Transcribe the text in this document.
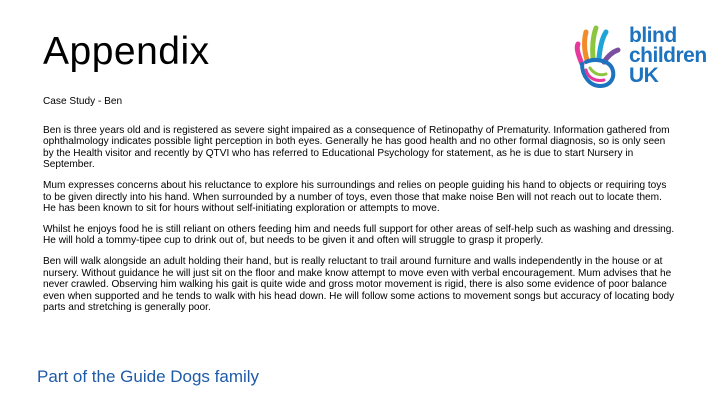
Appendix	blind
children
UK

Case Study - Ben

Ben is three years old and is registered as severe sight impaired as a consequence of Retinopathy of Prematurity. Information gathered from ophthalmology indicates possible light perception in both eyes. Generally he has good health and no other formal diagnosis, so is only seen by the Health visitor and recently by QTVI who has referred to Educational Psychology for statement, as he is due to start Nursery in September.

Mum expresses concerns about his reluctance to explore his surroundings and relies on people guiding his hand to objects or requiring toys to be given directly into his hand. When surrounded by a number of toys, even those that make noise Ben will not reach out to locate them. He has been known to sit for hours without self-initiating exploration or attempts to move.

Whilst he enjoys food he is still reliant on others feeding him and needs full support for other areas of self-help such as washing and dressing. He will hold a tommy-tipee cup to drink out of, but needs to be given it and often will struggle to grasp it properly.

Ben will walk alongside an adult holding their hand, but is really reluctant to trail around furniture and walls independently in the house or at nursery. Without guidance he will just sit on the floor and make know attempt to move even with verbal encouragement. Mum advises that he never crawled. Observing him walking his gait is quite wide and gross motor movement is rigid, there is also some evidence of poor balance even when supported and he tends to walk with his head down. He will follow some actions to movement songs but accuracy of locating body parts and stretching is generally poor.

Part of the Guide Dogs family
